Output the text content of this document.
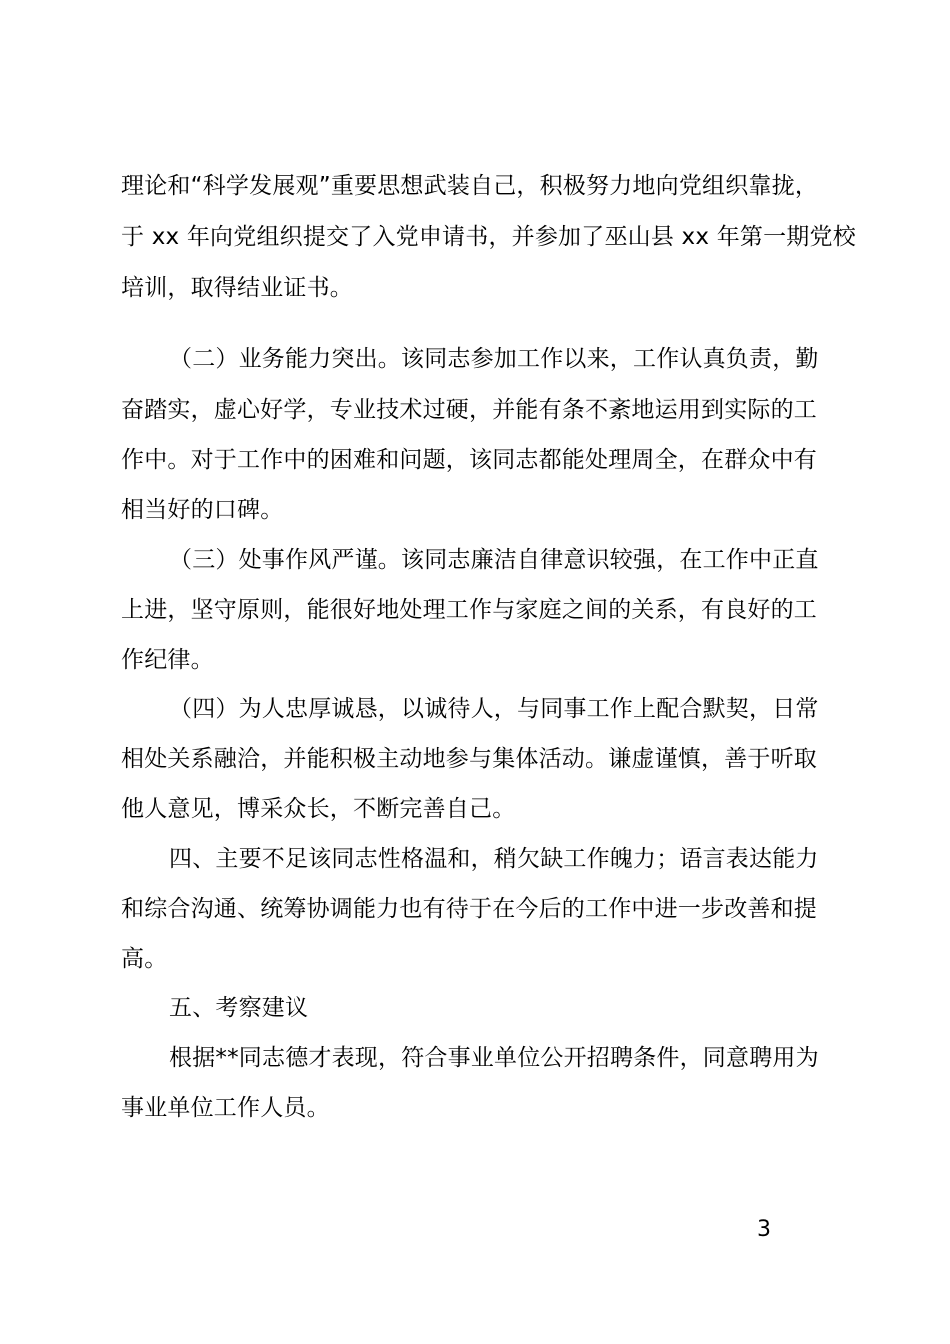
理论和“科学发展观”重要思想武装自己，积极努力地向党组织靠拢，
于 xx 年向党组织提交了入党申请书，并参加了巫山县 xx 年第一期党校
培训，取得结业证书。
（二）业务能力突出。该同志参加工作以来，工作认真负责，勤
奋踏实，虚心好学，专业技术过硬，并能有条不紊地运用到实际的工
作中。对于工作中的困难和问题，该同志都能处理周全，在群众中有
相当好的口碑。
（三）处事作风严谨。该同志廉洁自律意识较强，在工作中正直
上进，坚守原则，能很好地处理工作与家庭之间的关系，有良好的工
作纪律。
（四）为人忠厚诚恳，以诚待人，与同事工作上配合默契，日常
相处关系融洽，并能积极主动地参与集体活动。谦虚谨慎，善于听取
他人意见，博采众长，不断完善自己。
四、主要不足该同志性格温和，稍欠缺工作魄力；语言表达能力
和综合沟通、统筹协调能力也有待于在今后的工作中进一步改善和提
高。
五、考察建议
根据**同志德才表现，符合事业单位公开招聘条件，同意聘用为
事业单位工作人员。
3
